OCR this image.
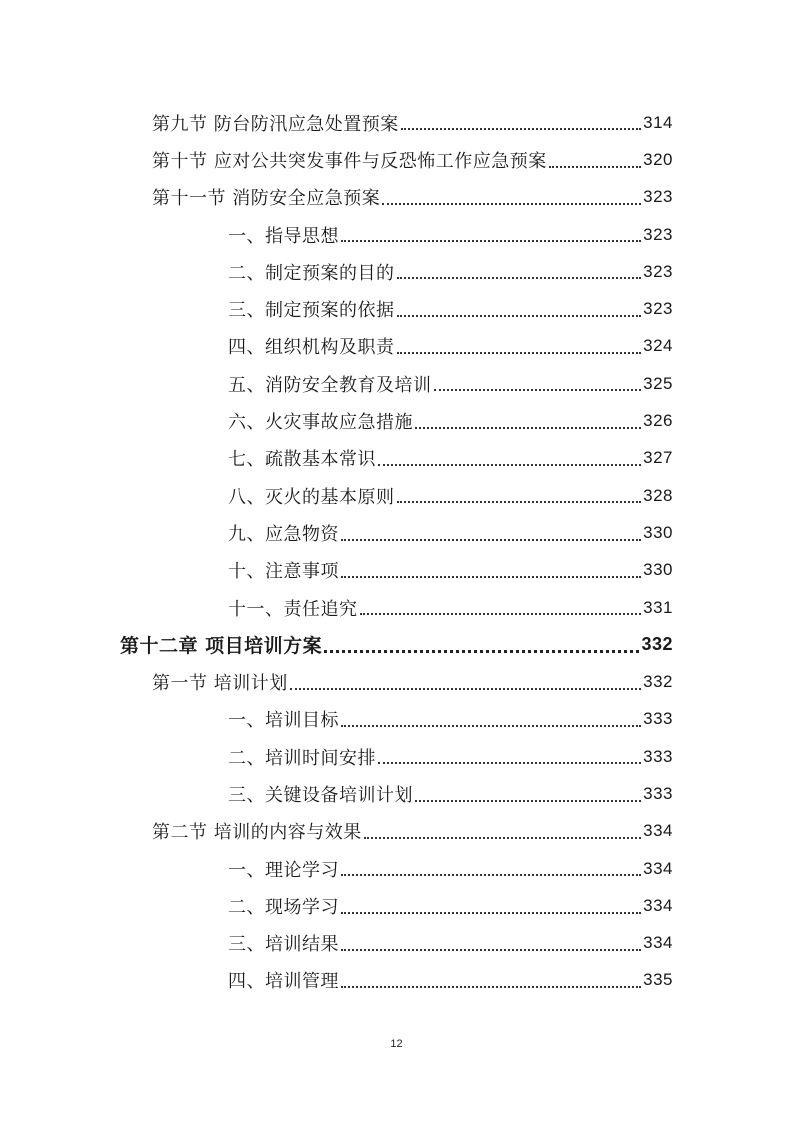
第九节 防台防汛应急处置预案	314
第十节 应对公共突发事件与反恐怖工作应急预案	320
第十一节 消防安全应急预案	323
一、指导思想	323
二、制定预案的目的	323
三、制定预案的依据	323
四、组织机构及职责	324
五、消防安全教育及培训	325
六、火灾事故应急措施	326
七、疏散基本常识	327
八、灭火的基本原则	328
九、应急物资	330
十、注意事项	330
十一、责任追究	331
第十二章 项目培训方案	332
第一节 培训计划	332
一、培训目标	333
二、培训时间安排	333
三、关键设备培训计划	333
第二节 培训的内容与效果	334
一、理论学习	334
二、现场学习	334
三、培训结果	334
四、培训管理	335
12
